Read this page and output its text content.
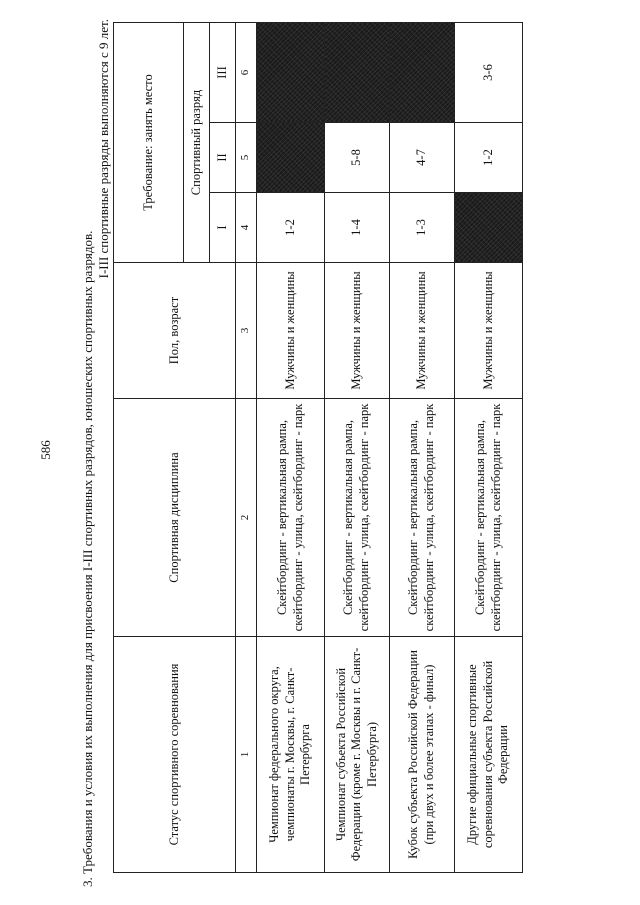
586 3. Требования и условия их выполнения для присвоения I-III спортивных разрядов, юношеских спортивных разрядов.
I-III спортивные разряды выполняются с 9 лет.
Статус спортивного соревнования	Спортивная дисциплина	Пол, возраст	Требование: занять место		
			Спортивный разряд		
			I	II	III
1	2	3	4	5	6
Чемпионат федерального округа, чемпионаты г. Москвы, г. Санкт-Петербурга	Скейтбординг - вертикальная рампа, скейтбординг - улица, скейтбординг - парк	Мужчины и женщины	1-2		
Чемпионат субъекта Российской Федерации (кроме г. Москвы и г. Санкт-Петербурга)	Скейтбординг - вертикальная рампа, скейтбординг - улица, скейтбординг - парк	Мужчины и женщины	1-4	5-8	
Кубок субъекта Российской Федерации (при двух и более этапах - финал)	Скейтбординг - вертикальная рампа, скейтбординг - улица, скейтбординг - парк	Мужчины и женщины	1-3	4-7	
Другие официальные спортивные соревнования субъекта Российской Федерации	Скейтбординг - вертикальная рампа, скейтбординг - улица, скейтбординг - парк	Мужчины и женщины		1-2	3-6
